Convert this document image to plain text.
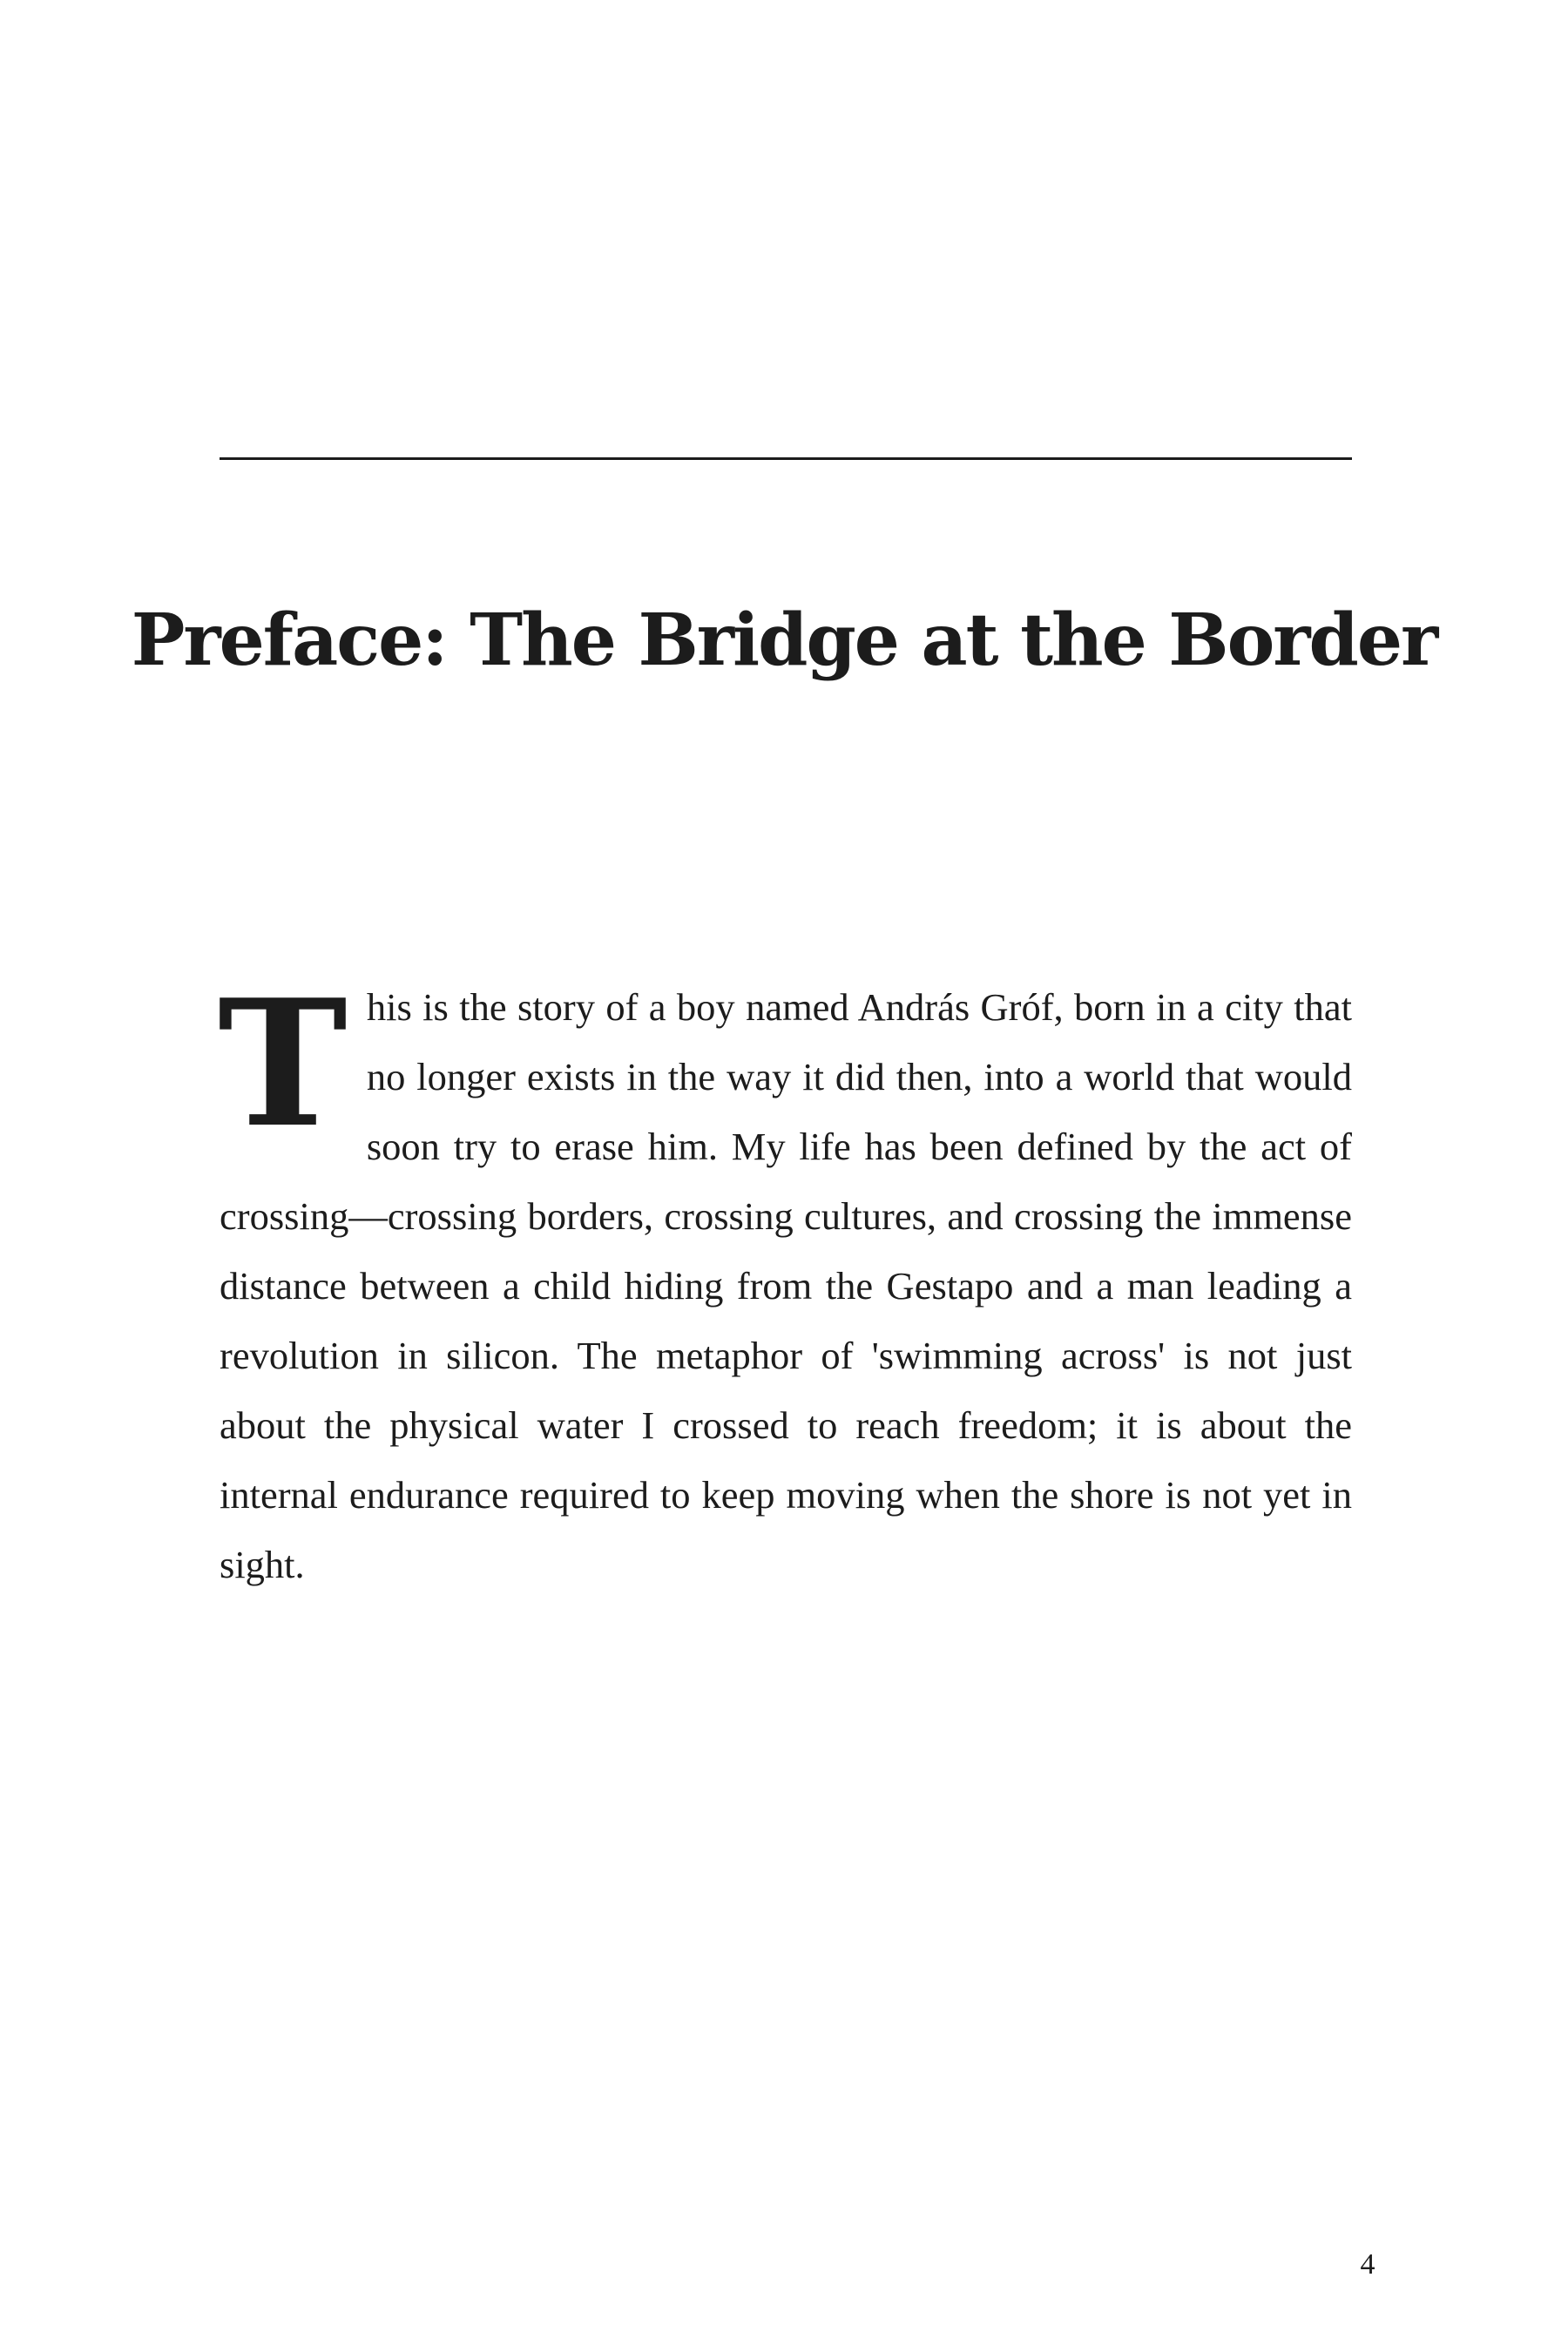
Preface: The Bridge at the Border

This is the story of a boy named András Gróf, born in a city that no longer exists in the way it did then, into a world that would soon try to erase him. My life has been defined by the act of crossing—crossing borders, crossing cultures, and crossing the immense distance between a child hiding from the Gestapo and a man leading a revolution in silicon. The metaphor of 'swimming across' is not just about the physical water I crossed to reach freedom; it is about the internal endurance required to keep moving when the shore is not yet in sight.

4
